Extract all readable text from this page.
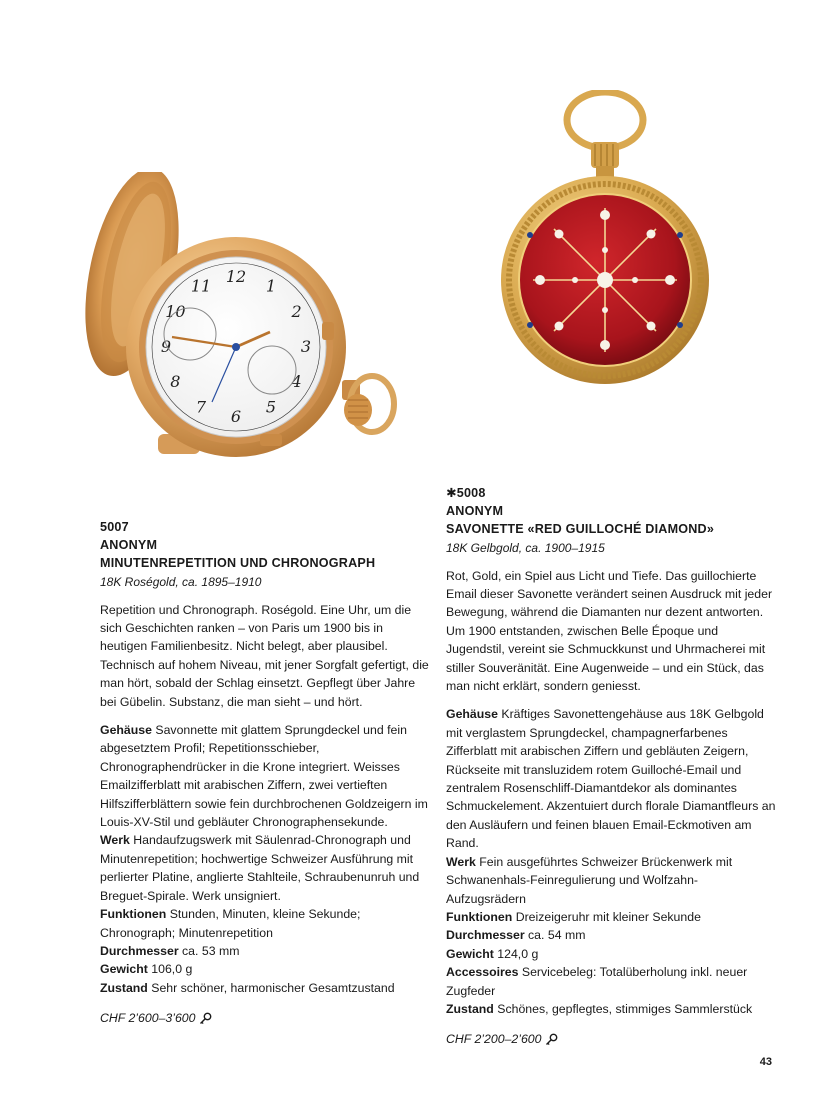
12 1
2
3
4
5
6
7
8
9
10
11
5007
ANONYM
MINUTENREPETITION UND CHRONOGRAPH
18K Roségold, ca. 1895–1910

Repetition und Chronograph. Roségold. Eine Uhr, um die sich Geschichten ranken – von Paris um 1900 bis in heutigen Familienbesitz. Nicht belegt, aber plausibel. Technisch auf hohem Niveau, mit jener Sorgfalt gefertigt, die man hört, sobald der Schlag einsetzt. Gepflegt über Jahre bei Gübelin. Substanz, die man sieht – und hört.

Gehäuse Savonnette mit glattem Sprungdeckel und fein abgesetztem Profil; Repetitionsschieber, Chronographendrücker in die Krone integriert. Weisses Emailzifferblatt mit arabischen Ziffern, zwei vertieften Hilfszifferblättern sowie fein durchbrochenen Goldzeigern im Louis-XV-Stil und gebläuter Chronographensekunde.

Werk Handaufzugswerk mit Säulenrad-Chronograph und Minutenrepetition; hochwertige Schweizer Ausführung mit perlierter Platine, anglierte Stahlteile, Schraubenunruh und Breguet-Spirale. Werk unsigniert.

Funktionen Stunden, Minuten, kleine Sekunde; Chronograph; Minutenrepetition

Durchmesser ca. 53 mm

Gewicht 106,0 g

Zustand Sehr schöner, harmonischer Gesamtzustand

CHF 2’600–3’600
✱5008
ANONYM
SAVONETTE «RED GUILLOCHÉ DIAMOND»
18K Gelbgold, ca. 1900–1915

Rot, Gold, ein Spiel aus Licht und Tiefe. Das guillochierte Email dieser Savonette verändert seinen Ausdruck mit jeder Bewegung, während die Diamanten nur dezent antworten. Um 1900 entstanden, zwischen Belle Époque und Jugendstil, vereint sie Schmuckkunst und Uhrmacherei mit stiller Souveränität. Eine Augenweide – und ein Stück, das man nicht erklärt, sondern geniesst.

Gehäuse Kräftiges Savonettengehäuse aus 18K Gelbgold mit verglastem Sprungdeckel, champagnerfarbenes Zifferblatt mit arabischen Ziffern und gebläuten Zeigern, Rückseite mit transluzidem rotem Guilloché-Email und zentralem Rosenschliff-Diamantdekor als dominantes Schmuckelement. Akzentuiert durch florale Diamantfleurs an den Ausläufern und feinen blauen Email-Eckmotiven am Rand.

Werk Fein ausgeführtes Schweizer Brückenwerk mit Schwanenhals-Feinregulierung und Wolfzahn-Aufzugsrädern

Funktionen Dreizeigeruhr mit kleiner Sekunde

Durchmesser ca. 54 mm

Gewicht 124,0 g

Accessoires Servicebeleg: Totalüberholung inkl. neuer Zugfeder

Zustand Schönes, gepflegtes, stimmiges Sammlerstück

CHF 2’200–2’600
43
